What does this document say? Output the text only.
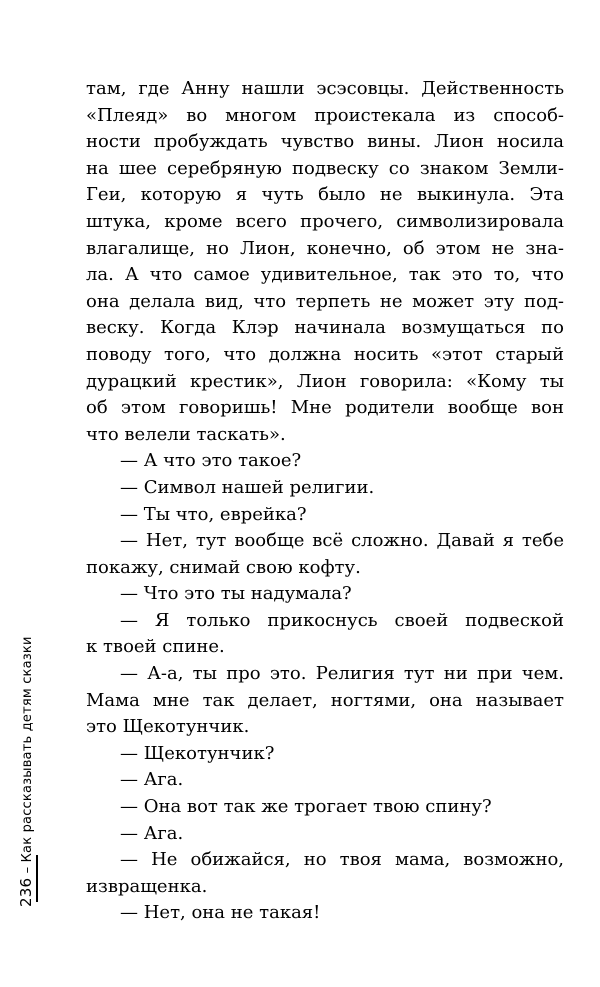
там, где Анну нашли эсэсовцы. Действенность
«Плеяд» во многом проистекала из способ-
ности пробуждать чувство вины. Лион носила
на шее серебряную подвеску со знаком Земли-
Геи, которую я чуть было не выкинула. Эта
штука, кроме всего прочего, символизировала
влагалище, но Лион, конечно, об этом не зна-
ла. А что самое удивительное, так это то, что
она делала вид, что терпеть не может эту под-
веску. Когда Клэр начинала возмущаться по
поводу того, что должна носить «этот старый
дурацкий крестик», Лион говорила: «Кому ты
об этом говоришь! Мне родители вообще вон
что велели таскать».
— А что это такое?
— Символ нашей религии.
— Ты что, еврейка?
— Нет, тут вообще всё сложно. Давай я тебе
покажу, снимай свою кофту.
— Что это ты надумала?
— Я только прикоснусь своей подвеской
к твоей спине.
— А-а, ты про это. Религия тут ни при чем.
Мама мне так делает, ногтями, она называет
это Щекотунчик.
— Щекотунчик?
— Ага.
— Она вот так же трогает твою спину?
— Ага.
— Не обижайся, но твоя мама, возможно,
извращенка.
— Нет, она не такая!
236 – Как рассказывать детям сказки
